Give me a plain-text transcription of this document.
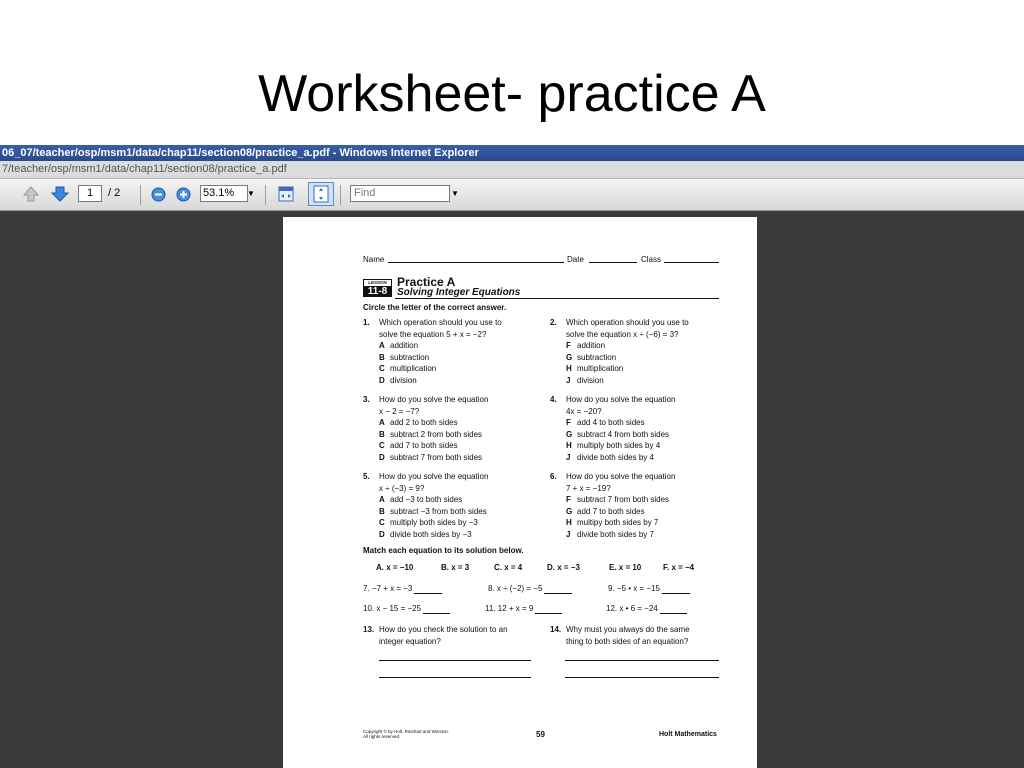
Worksheet- practice A
06_07/teacher/osp/msm1/data/chap11/section08/practice_a.pdf - Windows Internet Explorer
7/teacher/osp/msm1/data/chap11/section08/practice_a.pdf
1	/ 2	53.1%	▼	Find	▼
Name	Date	Class
LESSON
11-8
Practice A
Solving Integer Equations
Circle the letter of the correct answer.
1. Which operation should you use to
solve the equation 5 + x = −2?
A addition
B subtraction
C multiplication
D division
2. Which operation should you use to
solve the equation x ÷ (−6) = 3?
F addition
G subtraction
H multiplication
J division
3. How do you solve the equation
x − 2 = −7?
A add 2 to both sides
B subtract 2 from both sides
C add 7 to both sides
D subtract 7 from both sides
4. How do you solve the equation
4x = −20?
F add 4 to both sides
G subtract 4 from both sides
H multiply both sides by 4
J divide both sides by 4
5. How do you solve the equation
x ÷ (−3) = 9?
A add −3 to both sides
B subtract −3 from both sides
C multiply both sides by −3
D divide both sides by −3
6. How do you solve the equation
7 + x = −19?
F subtract 7 from both sides
G add 7 to both sides
H multipy both sides by 7
J divide both sides by 7
Match each equation to its solution below.
A. x = −10	B. x = 3	C. x = 4	D. x = −3	E. x = 10	F. x = −4
7. −7 + x = −3	8. x ÷ (−2) = −5	9. −5 • x = −15
10. x − 15 = −25	11. 12 + x = 9	12. x • 6 = −24
13. How do you check the solution to an

integer equation?
14. Why must you always do the same

thing to both sides of an equation?
Copyright © by Holt, Rinehart and Winston.
All rights reserved.	59	Holt Mathematics
